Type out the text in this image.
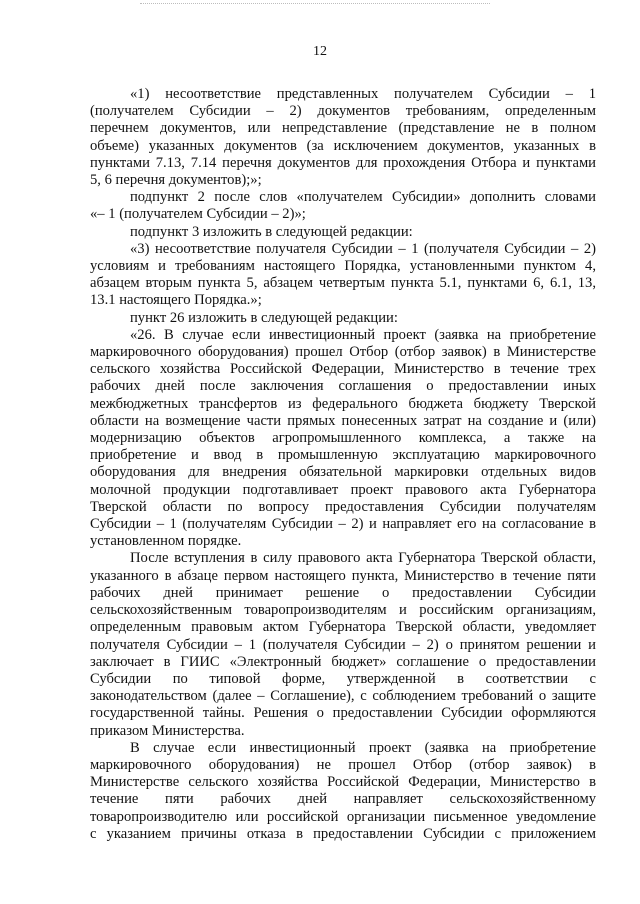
12
«1) несоответствие представленных получателем Субсидии – 1
(получателем Субсидии – 2) документов требованиям, определенным
перечнем документов, или непредставление (представление не в полном
объеме) указанных документов (за исключением документов, указанных в
пунктами 7.13, 7.14 перечня документов для прохождения Отбора и пунктами
5, 6 перечня документов);»;
подпункт 2 после слов «получателем Субсидии» дополнить словами
«– 1 (получателем Субсидии – 2)»;
подпункт 3 изложить в следующей редакции:
«3) несоответствие получателя Субсидии – 1 (получателя Субсидии – 2)
условиям и требованиям настоящего Порядка, установленными пунктом 4,
абзацем вторым пункта 5, абзацем четвертым пункта 5.1, пунктами 6, 6.1, 13,
13.1 настоящего Порядка.»;
пункт 26 изложить в следующей редакции:
«26. В случае если инвестиционный проект (заявка на приобретение
маркировочного оборудования) прошел Отбор (отбор заявок) в Министерстве
сельского хозяйства Российской Федерации, Министерство в течение трех
рабочих дней после заключения соглашения о предоставлении иных
межбюджетных трансфертов из федерального бюджета бюджету Тверской
области на возмещение части прямых понесенных затрат на создание и (или)
модернизацию объектов агропромышленного комплекса, а также на
приобретение и ввод в промышленную эксплуатацию маркировочного
оборудования для внедрения обязательной маркировки отдельных видов
молочной продукции подготавливает проект правового акта Губернатора
Тверской области по вопросу предоставления Субсидии получателям
Субсидии – 1 (получателям Субсидии – 2) и направляет его на согласование в
установленном порядке.
После вступления в силу правового акта Губернатора Тверской области,
указанного в абзаце первом настоящего пункта, Министерство в течение пяти
рабочих дней принимает решение о предоставлении Субсидии
сельскохозяйственным товаропроизводителям и российским организациям,
определенным правовым актом Губернатора Тверской области, уведомляет
получателя Субсидии – 1 (получателя Субсидии – 2) о принятом решении и
заключает в ГИИС «Электронный бюджет» соглашение о предоставлении
Субсидии по типовой форме, утвержденной в соответствии с
законодательством (далее – Соглашение), с соблюдением требований о защите
государственной тайны. Решения о предоставлении Субсидии оформляются
приказом Министерства.
В случае если инвестиционный проект (заявка на приобретение
маркировочного оборудования) не прошел Отбор (отбор заявок) в
Министерстве сельского хозяйства Российской Федерации, Министерство в
течение пяти рабочих дней направляет сельскохозяйственному
товаропроизводителю или российской организации письменное уведомление
с указанием причины отказа в предоставлении Субсидии с приложением
